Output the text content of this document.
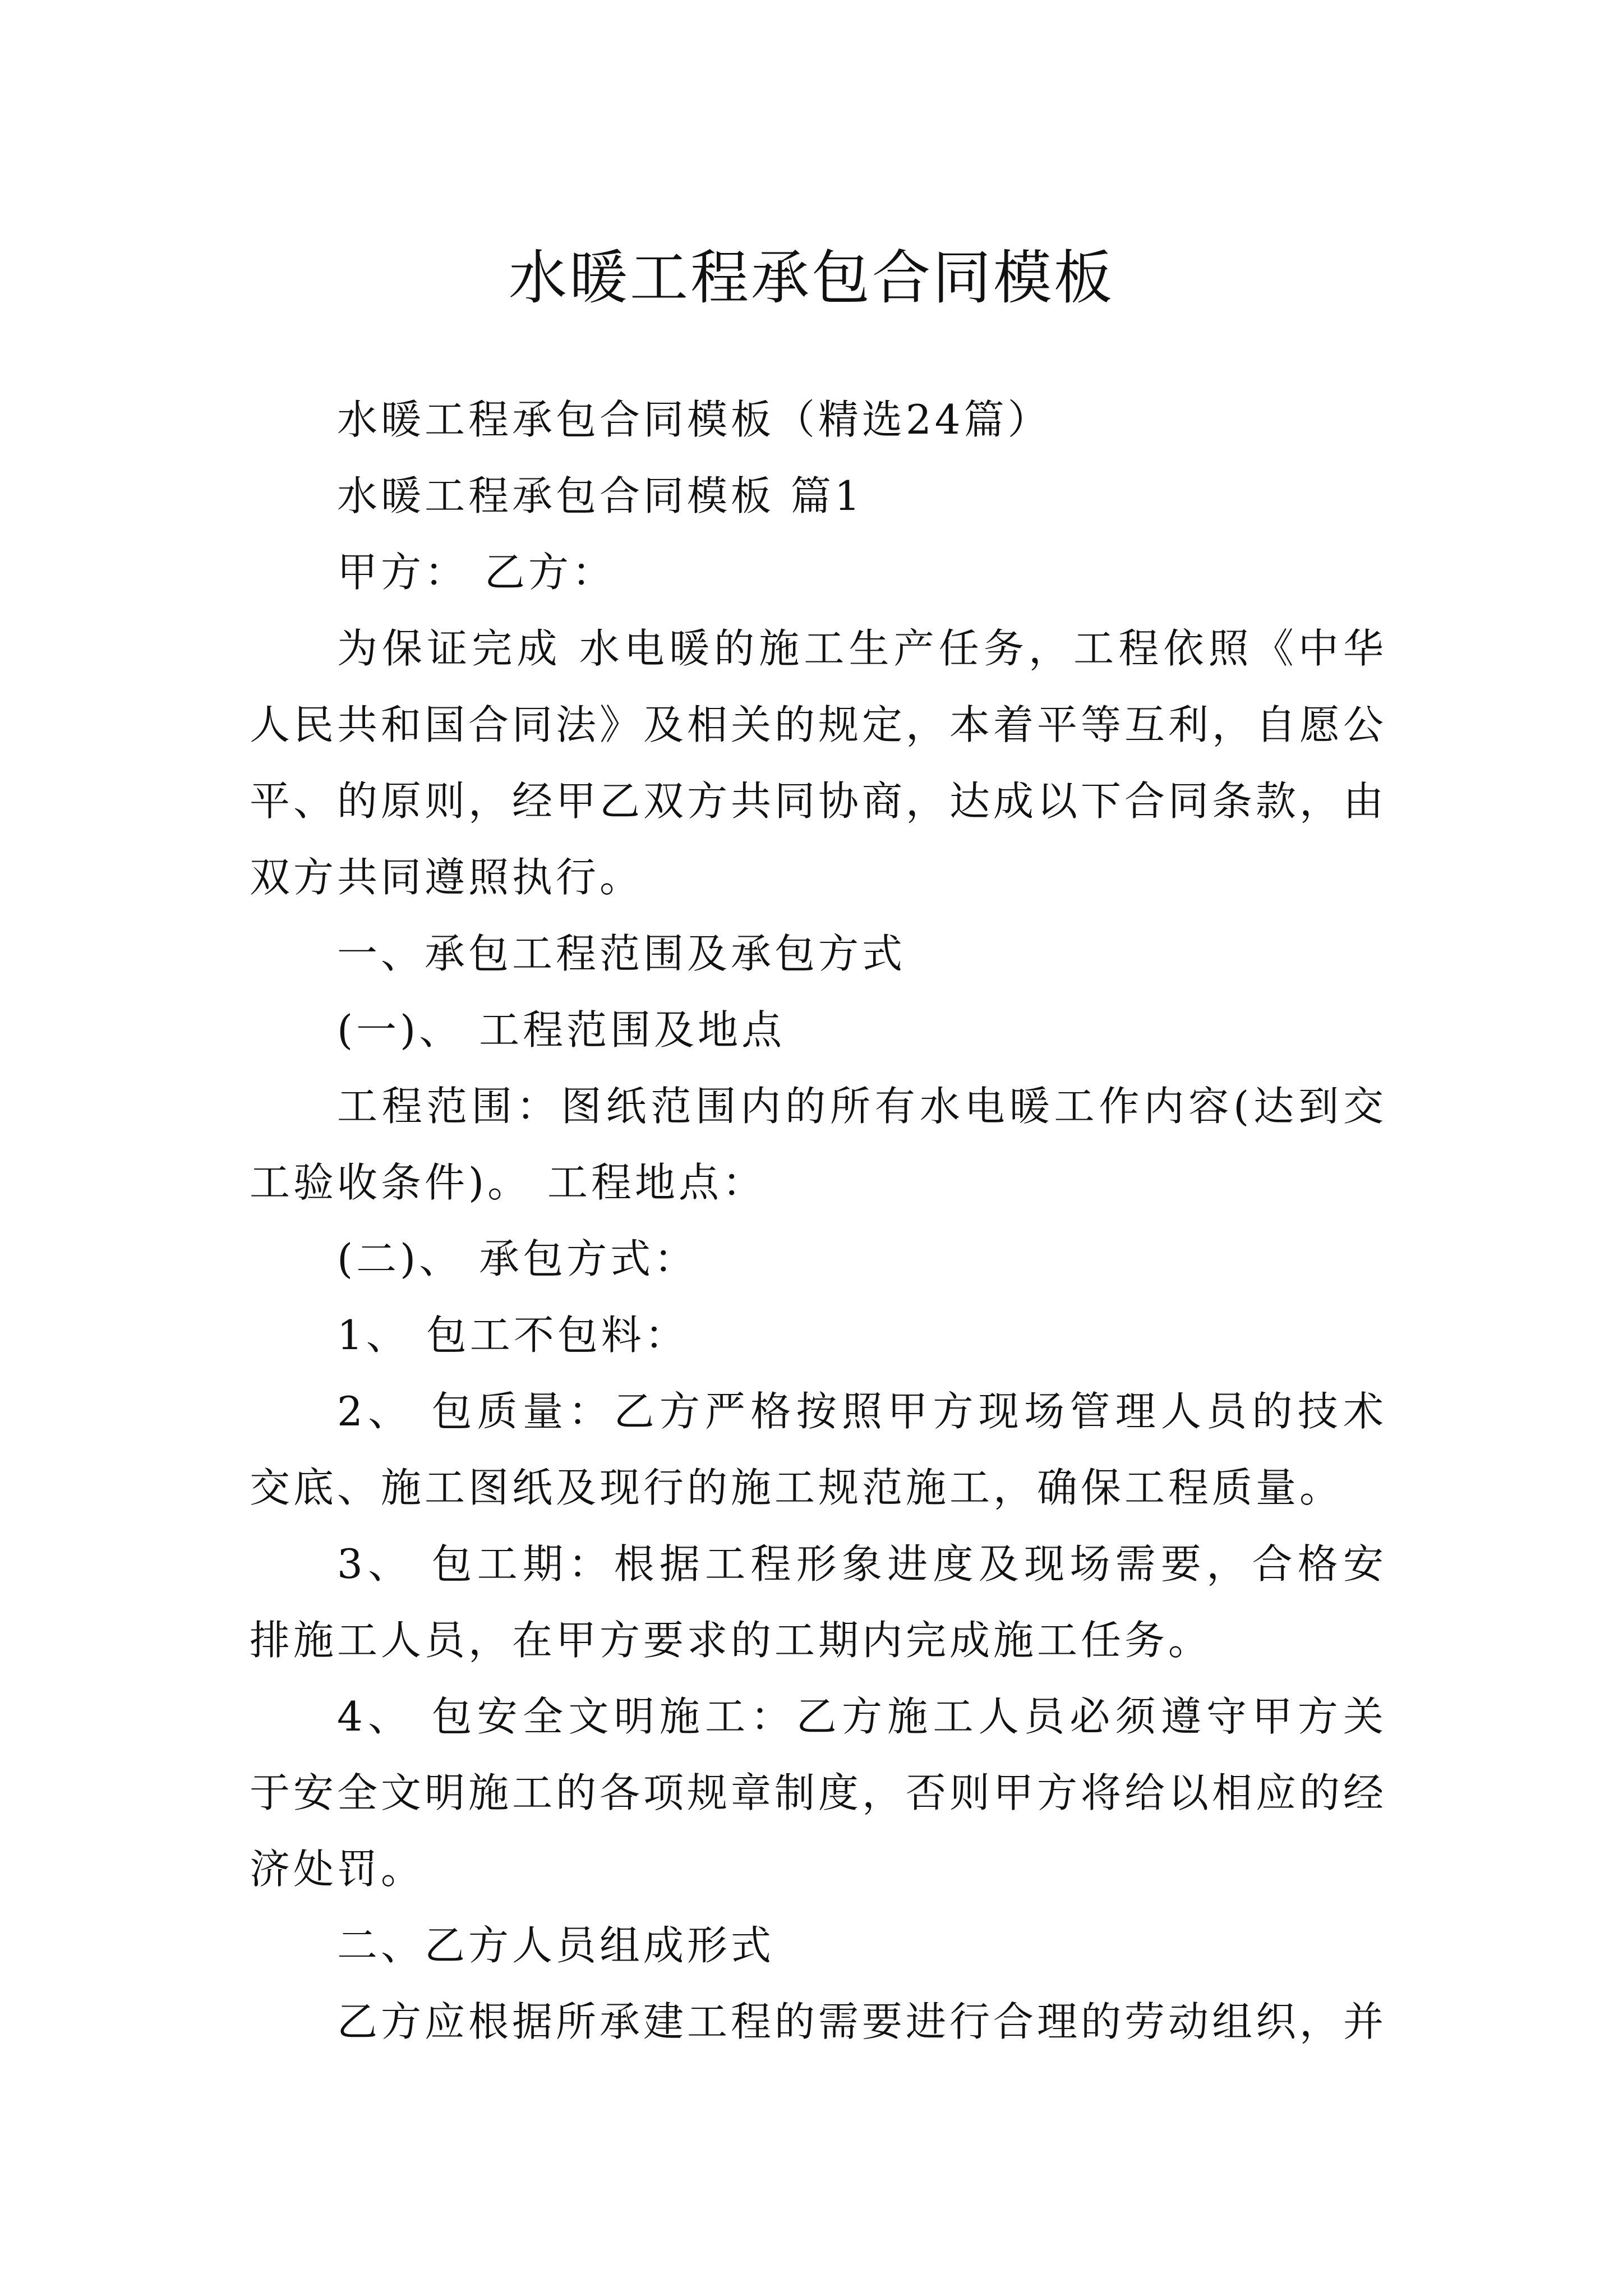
水暖工程承包合同模板

水暖工程承包合同模板（精选24篇）

水暖工程承包合同模板 篇1

甲方： 乙方：

为保证完成 水电暖的施工生产任务，工程依照《中华人民共和国合同法》及相关的规定，本着平等互利，自愿公平、的原则，经甲乙双方共同协商，达成以下合同条款，由双方共同遵照执行。

一、承包工程范围及承包方式

(一)、 工程范围及地点

工程范围：图纸范围内的所有水电暖工作内容(达到交工验收条件)。 工程地点：

(二)、 承包方式：

1、 包工不包料：

2、 包质量：乙方严格按照甲方现场管理人员的技术交底、施工图纸及现行的施工规范施工，确保工程质量。

3、 包工期：根据工程形象进度及现场需要，合格安排施工人员，在甲方要求的工期内完成施工任务。

4、 包安全文明施工：乙方施工人员必须遵守甲方关于安全文明施工的各项规章制度，否则甲方将给以相应的经济处罚。

二、乙方人员组成形式

乙方应根据所承建工程的需要进行合理的劳动组织，并
